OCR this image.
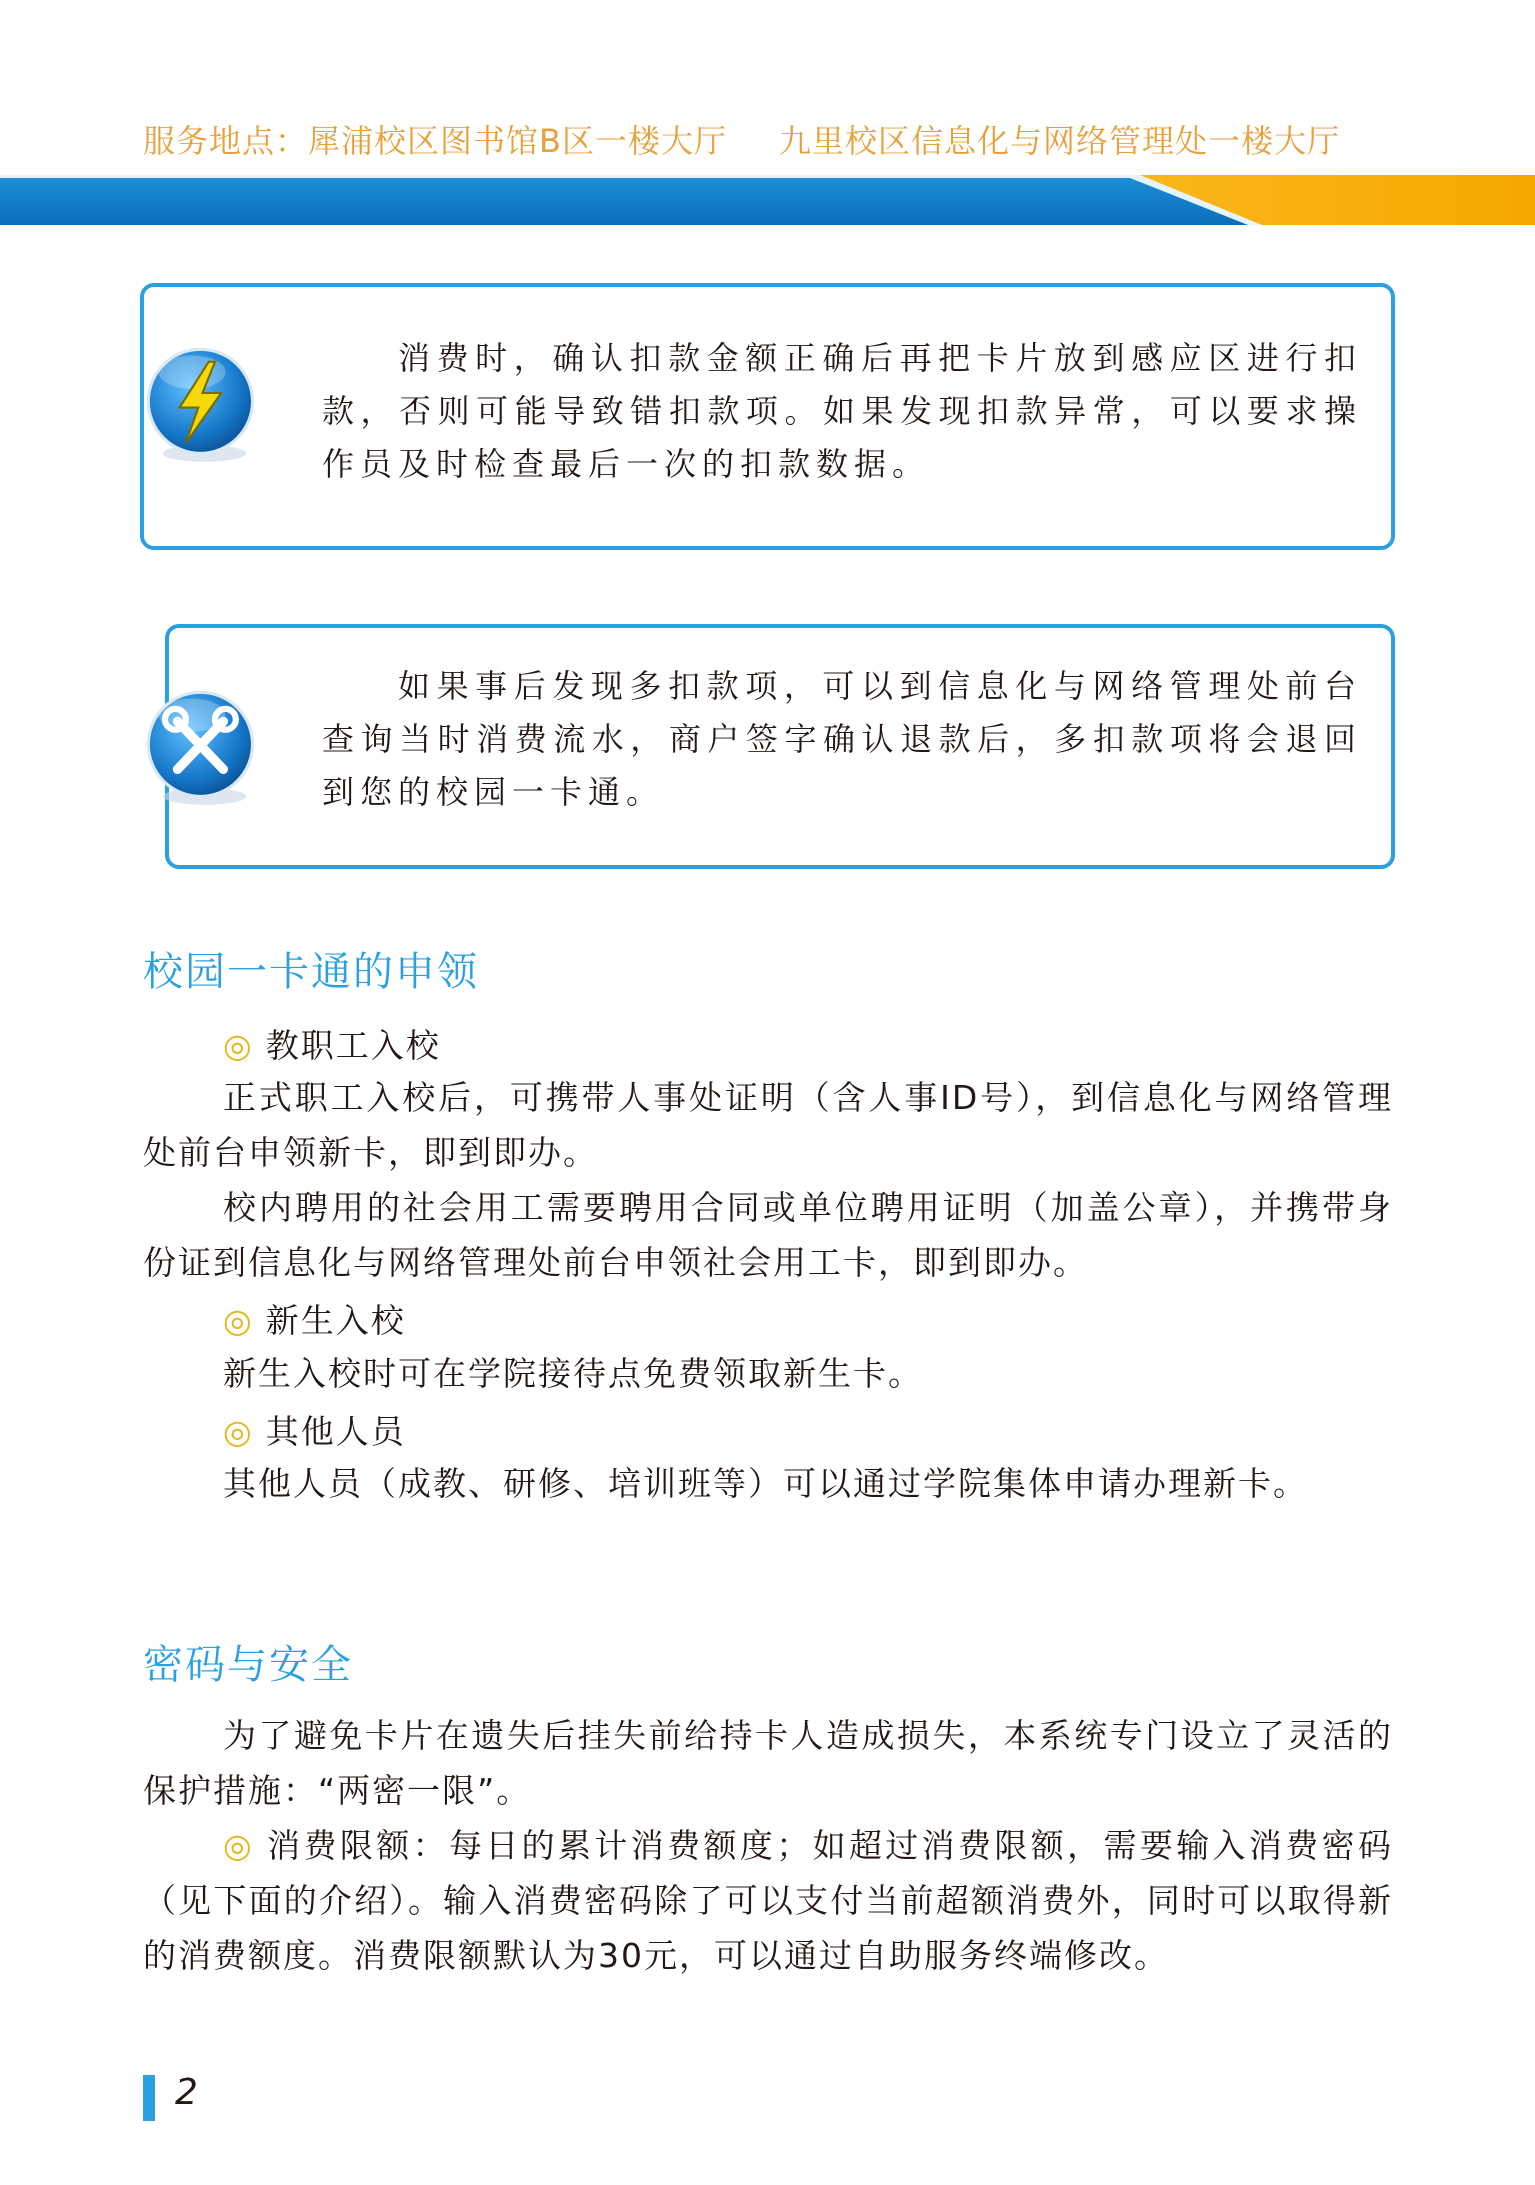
服务地点：犀浦校区图书馆B区一楼大厅 九里校区信息化与网络管理处一楼大厅

消费时，确认扣款金额正确后再把卡片放到感应区进行扣款，否则可能导致错扣款项。如果发现扣款异常，可以要求操作员及时检查最后一次的扣款数据。

如果事后发现多扣款项，可以到信息化与网络管理处前台查询当时消费流水，商户签字确认退款后，多扣款项将会退回到您的校园一卡通。

校园一卡通的申领
◎ 教职工入校

正式职工入校后，可携带人事处证明（含人事ID号），到信息化与网络管理处前台申领新卡，即到即办。

校内聘用的社会用工需要聘用合同或单位聘用证明（加盖公章），并携带身份证到信息化与网络管理处前台申领社会用工卡，即到即办。

◎ 新生入校

新生入校时可在学院接待点免费领取新生卡。

◎ 其他人员

其他人员（成教、研修、培训班等）可以通过学院集体申请办理新卡。

密码与安全

为了避免卡片在遗失后挂失前给持卡人造成损失，本系统专门设立了灵活的保护措施：“两密一限”。

◎ 消费限额：每日的累计消费额度；如超过消费限额，需要输入消费密码（见下面的介绍）。输入消费密码除了可以支付当前超额消费外，同时可以取得新的消费额度。消费限额默认为30元，可以通过自助服务终端修改。

2
